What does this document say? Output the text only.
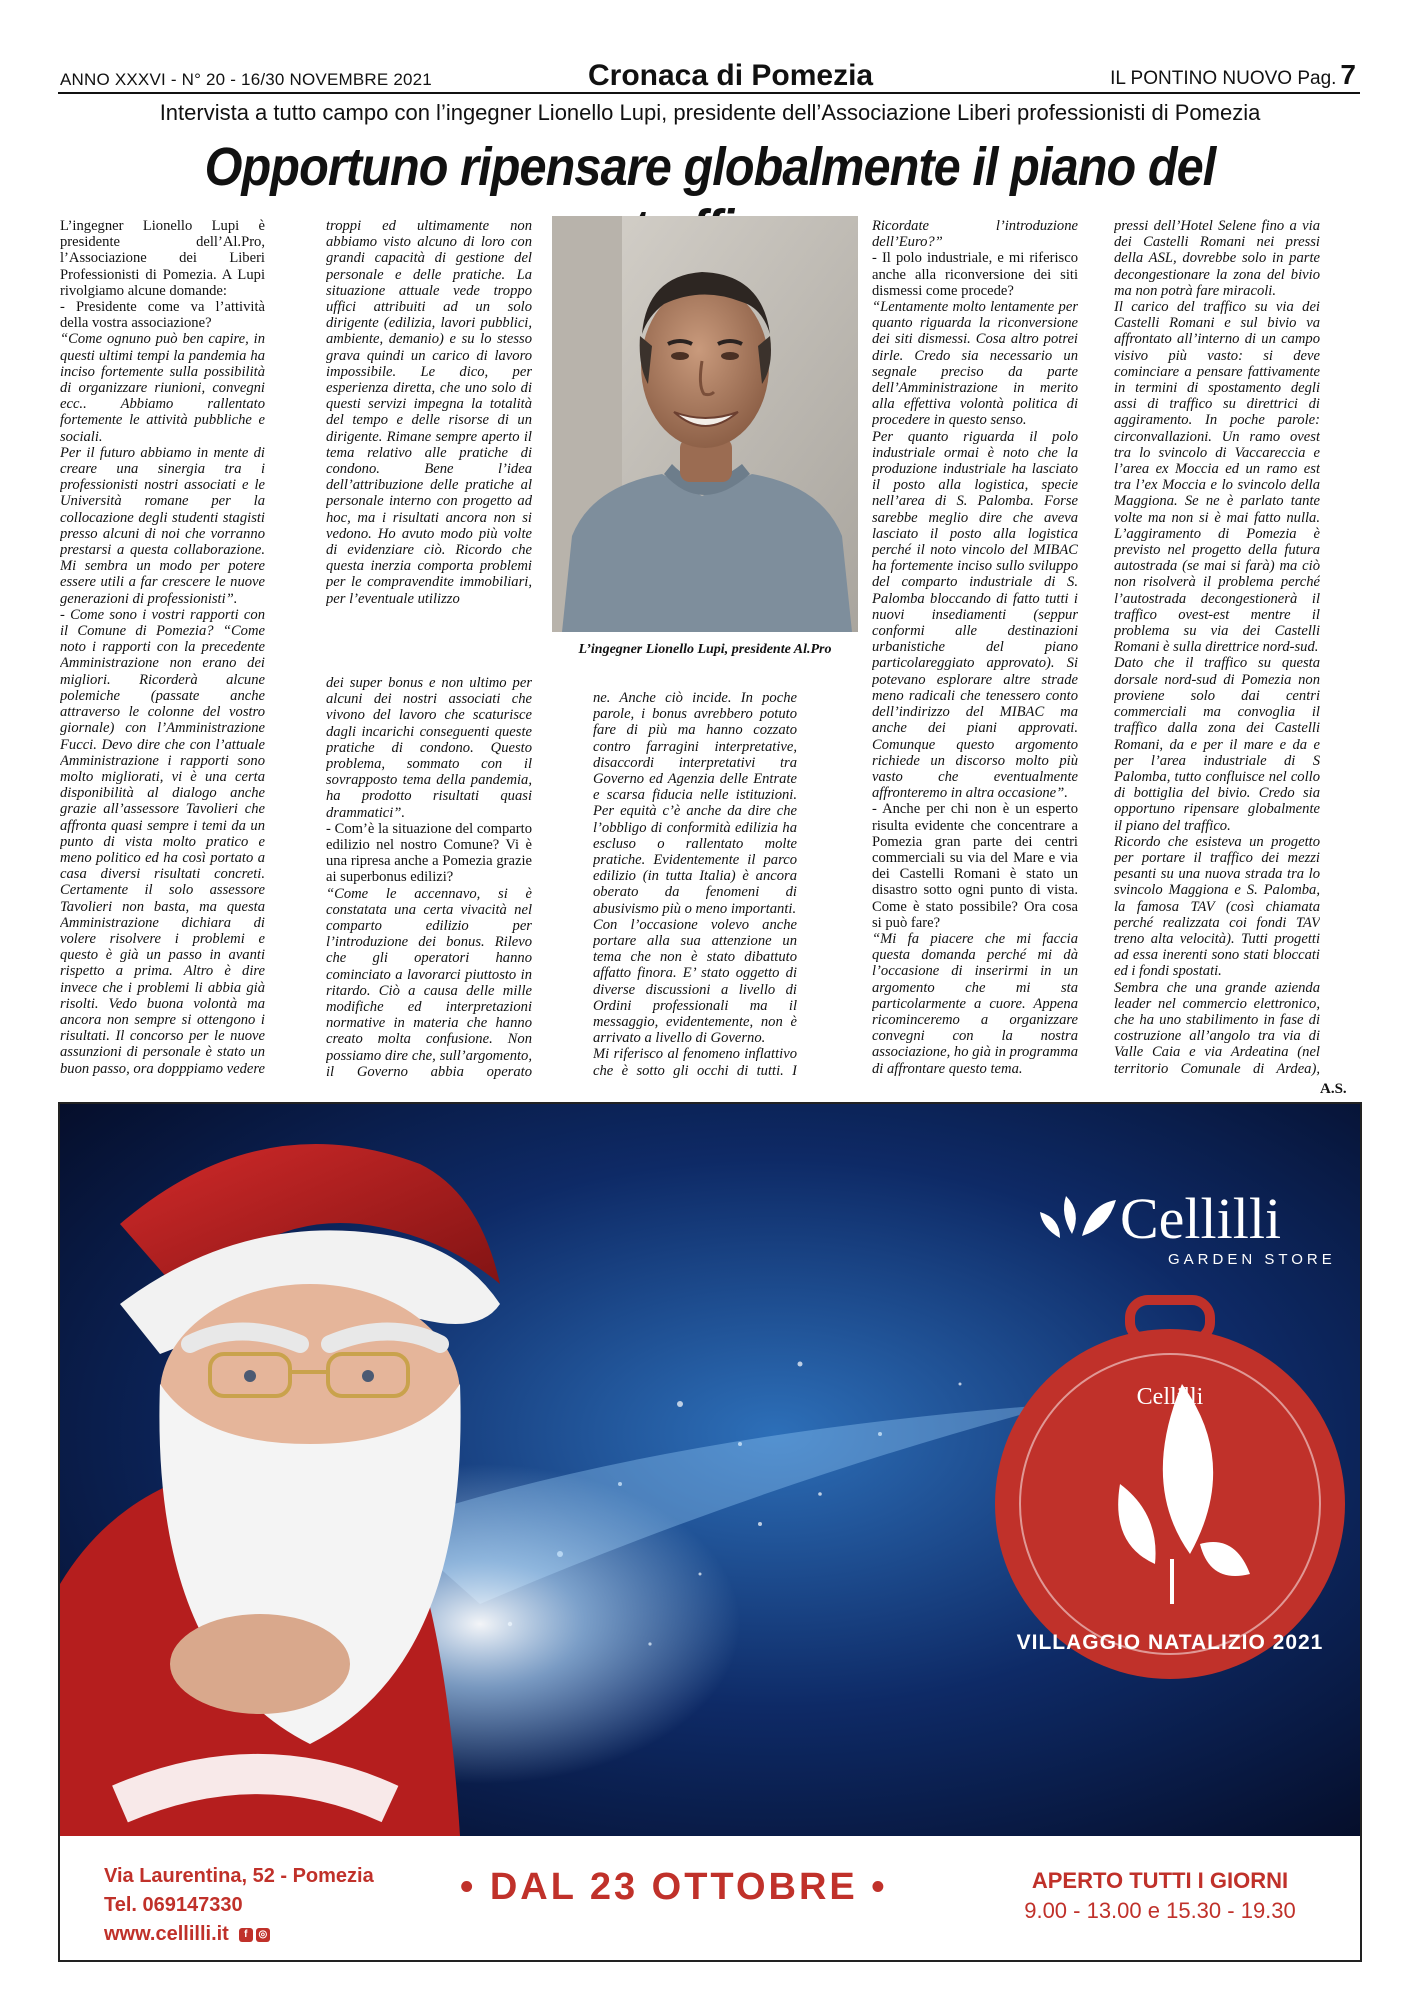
ANNO XXXVI - N° 20 - 16/30 NOVEMBRE 2021	Cronaca di Pomezia	IL PONTINO NUOVO Pag. 7
Intervista a tutto campo con l’ingegner Lionello Lupi, presidente dell’Associazione Liberi professionisti di Pomezia
Opportuno ripensare globalmente il piano del

L’ingegner Lionello Lupi è presidente dell’Al.Pro, l’Associazione dei Liberi Professionisti di Pomezia. A Lupi rivolgiamo alcune domande:

- Presidente come va l’attività della vostra associazione?

“Come ognuno può ben capire, in questi ultimi tempi la pandemia ha inciso fortemente sulla possibilità di organizzare riunioni, convegni ecc.. Abbiamo rallentato fortemente le attività pubbliche e sociali.

Per il futuro abbiamo in mente di creare una sinergia tra i professionisti nostri associati e le Università romane per la collocazione degli studenti stagisti presso alcuni di noi che vorranno prestarsi a questa collaborazione. Mi sembra un modo per potere essere utili a far crescere le nuove generazioni di professionisti”.

- Come sono i vostri rapporti con il Comune di Pomezia? “Come noto i rapporti con la precedente Amministrazione non erano dei migliori. Ricorderà alcune polemiche (passate anche attraverso le colonne del vostro giornale) con l’Amministrazione Fucci. Devo dire che con l’attuale Amministrazione i rapporti sono molto migliorati, vi è una certa disponibilità al dialogo anche grazie all’assessore Tavolieri che affronta quasi sempre i temi da un punto di vista molto pratico e meno politico ed ha così portato a casa diversi risultati concreti. Certamente il solo assessore Tavolieri non basta, ma questa Amministrazione dichiara di volere risolvere i problemi e questo è già un passo in avanti rispetto a prima. Altro è dire invece che i problemi li abbia già risolti. Vedo buona volontà ma ancora non sempre si ottengono i risultati. Il concorso per le nuove assunzioni di personale è stato un buon passo, ora dopppiamo vedere

troppi ed ultimamente non abbiamo visto alcuno di loro con grandi capacità di gestione del personale e delle pratiche. La situazione attuale vede troppo uffici attribuiti ad un solo dirigente (edilizia, lavori pubblici, ambiente, demanio) e su lo stesso grava quindi un carico di lavoro impossibile. Le dico, per esperienza diretta, che uno solo di questi servizi impegna la totalità del tempo e delle risorse di un dirigente. Rimane sempre aperto il tema relativo alle pratiche di condono. Bene l’idea dell’attribuzione delle pratiche al personale interno con progetto ad hoc, ma i risultati ancora non si vedono. Ho avuto modo più volte di evidenziare ciò. Ricordo che questa inerzia comporta problemi per le compravendite immobiliari, per l’eventuale utilizzo

dei super bonus e non ultimo per alcuni dei nostri associati che vivono del lavoro che scaturisce dagli incarichi conseguenti queste pratiche di condono. Questo problema, sommato con il sovrapposto tema della pandemia, ha prodotto risultati quasi drammatici”.

- Com’è la situazione del comparto edilizio nel nostro Comune? Vi è una ripresa anche a Pomezia grazie ai superbonus edilizi?

“Come le accennavo, si è constatata una certa vivacità nel comparto edilizio per l’introduzione dei bonus. Rilevo che gli operatori hanno cominciato a lavorarci piuttosto in ritardo. Ciò a causa delle mille modifiche ed interpretazioni normative in materia che hanno creato molta confusione. Non possiamo dire che, sull’argomento, il Governo abbia operato

ne. Anche ciò incide. In poche parole, i bonus avrebbero potuto fare di più ma hanno cozzato contro farragini interpretative, disaccordi interpretativi tra Governo ed Agenzia delle Entrate e scarsa fiducia nelle istituzioni. Per equità c’è anche da dire che l’obbligo di conformità edilizia ha escluso o rallentato molte pratiche. Evidentemente il parco edilizio (in tutta Italia) è ancora oberato da fenomeni di abusivismo più o meno importanti.

Con l’occasione volevo anche portare alla sua attenzione un tema che non è stato dibattuto affatto finora. E’ stato oggetto di diverse discussioni a livello di Ordini professionali ma il messaggio, evidentemente, non è arrivato a livello di Governo.

Mi riferisco al fenomeno inflattivo che è sotto gli occhi di tutti. I

Ricordate l’introduzione dell’Euro?”

- Il polo industriale, e mi riferisco anche alla riconversione dei siti dismessi come procede?

“Lentamente molto lentamente per quanto riguarda la riconversione dei siti dismessi. Cosa altro potrei dirle. Credo sia necessario un segnale preciso da parte dell’Amministrazione in merito alla effettiva volontà politica di procedere in questo senso.

Per quanto riguarda il polo industriale ormai è noto che la produzione industriale ha lasciato il posto alla logistica, specie nell’area di S. Palomba. Forse sarebbe meglio dire che aveva lasciato il posto alla logistica perché il noto vincolo del MIBAC ha fortemente inciso sullo sviluppo del comparto industriale di S. Palomba bloccando di fatto tutti i nuovi insediamenti (seppur conformi alle destinazioni urbanistiche del piano particolareggiato approvato). Si potevano esplorare altre strade meno radicali che tenessero conto dell’indirizzo del MIBAC ma anche dei piani approvati. Comunque questo argomento richiede un discorso molto più vasto che eventualmente affronteremo in altra occasione”.

- Anche per chi non è un esperto risulta evidente che concentrare a Pomezia gran parte dei centri commerciali su via del Mare e via dei Castelli Romani è stato un disastro sotto ogni punto di vista. Come è stato possibile? Ora cosa si può fare?

“Mi fa piacere che mi faccia questa domanda perché mi dà l’occasione di inserirmi in un argomento che mi sta particolarmente a cuore. Appena ricominceremo a organizzare convegni con la nostra associazione, ho già in programma di affrontare questo tema.

pressi dell’Hotel Selene fino a via dei Castelli Romani nei pressi della ASL, dovrebbe solo in parte decongestionare la zona del bivio ma non potrà fare miracoli.

Il carico del traffico su via dei Castelli Romani e sul bivio va affrontato all’interno di un campo visivo più vasto: si deve cominciare a pensare fattivamente in termini di spostamento degli assi di traffico su direttrici di aggiramento. In poche parole: circonvallazioni. Un ramo ovest tra lo svincolo di Vaccareccia e l’area ex Moccia ed un ramo est tra l’ex Moccia e lo svincolo della Maggiona. Se ne è parlato tante volte ma non si è mai fatto nulla. L’aggiramento di Pomezia è previsto nel progetto della futura autostrada (se mai si farà) ma ciò non risolverà il problema perché l’autostrada decongestionerà il traffico ovest-est mentre il problema su via dei Castelli Romani è sulla direttrice nord-sud.

Dato che il traffico su questa dorsale nord-sud di Pomezia non proviene solo dai centri commerciali ma convoglia il traffico dalla zona dei Castelli Romani, da e per il mare e da e per l’area industriale di S Palomba, tutto confluisce nel collo di bottiglia del bivio. Credo sia opportuno ripensare globalmente il piano del traffico.

Ricordo che esisteva un progetto per portare il traffico dei mezzi pesanti su una nuova strada tra lo svincolo Maggiona e S. Palomba, la famosa TAV (così chiamata perché realizzata coi fondi TAV treno alta velocità). Tutti progetti ad essa inerenti sono stati bloccati ed i fondi spostati.

Sembra che una grande azienda leader nel commercio elettronico, che ha uno stabilimento in fase di costruzione all’angolo tra via di Valle Caia e via Ardeatina (nel territorio Comunale di Ardea),

L’ingegner Lionello Lupi, presidente Al.Pro
A.S.
Cellilli
GARDEN STORE
Cellilli
VILLAGGIO NATALIZIO 2021
Via Laurentina, 52 - Pomezia
Tel. 069147330
www.cellilli.it	f	◎
• DAL 23 OTTOBRE •	APERTO TUTTI I GIORNI
9.00 - 13.00 e 15.30 - 19.30
